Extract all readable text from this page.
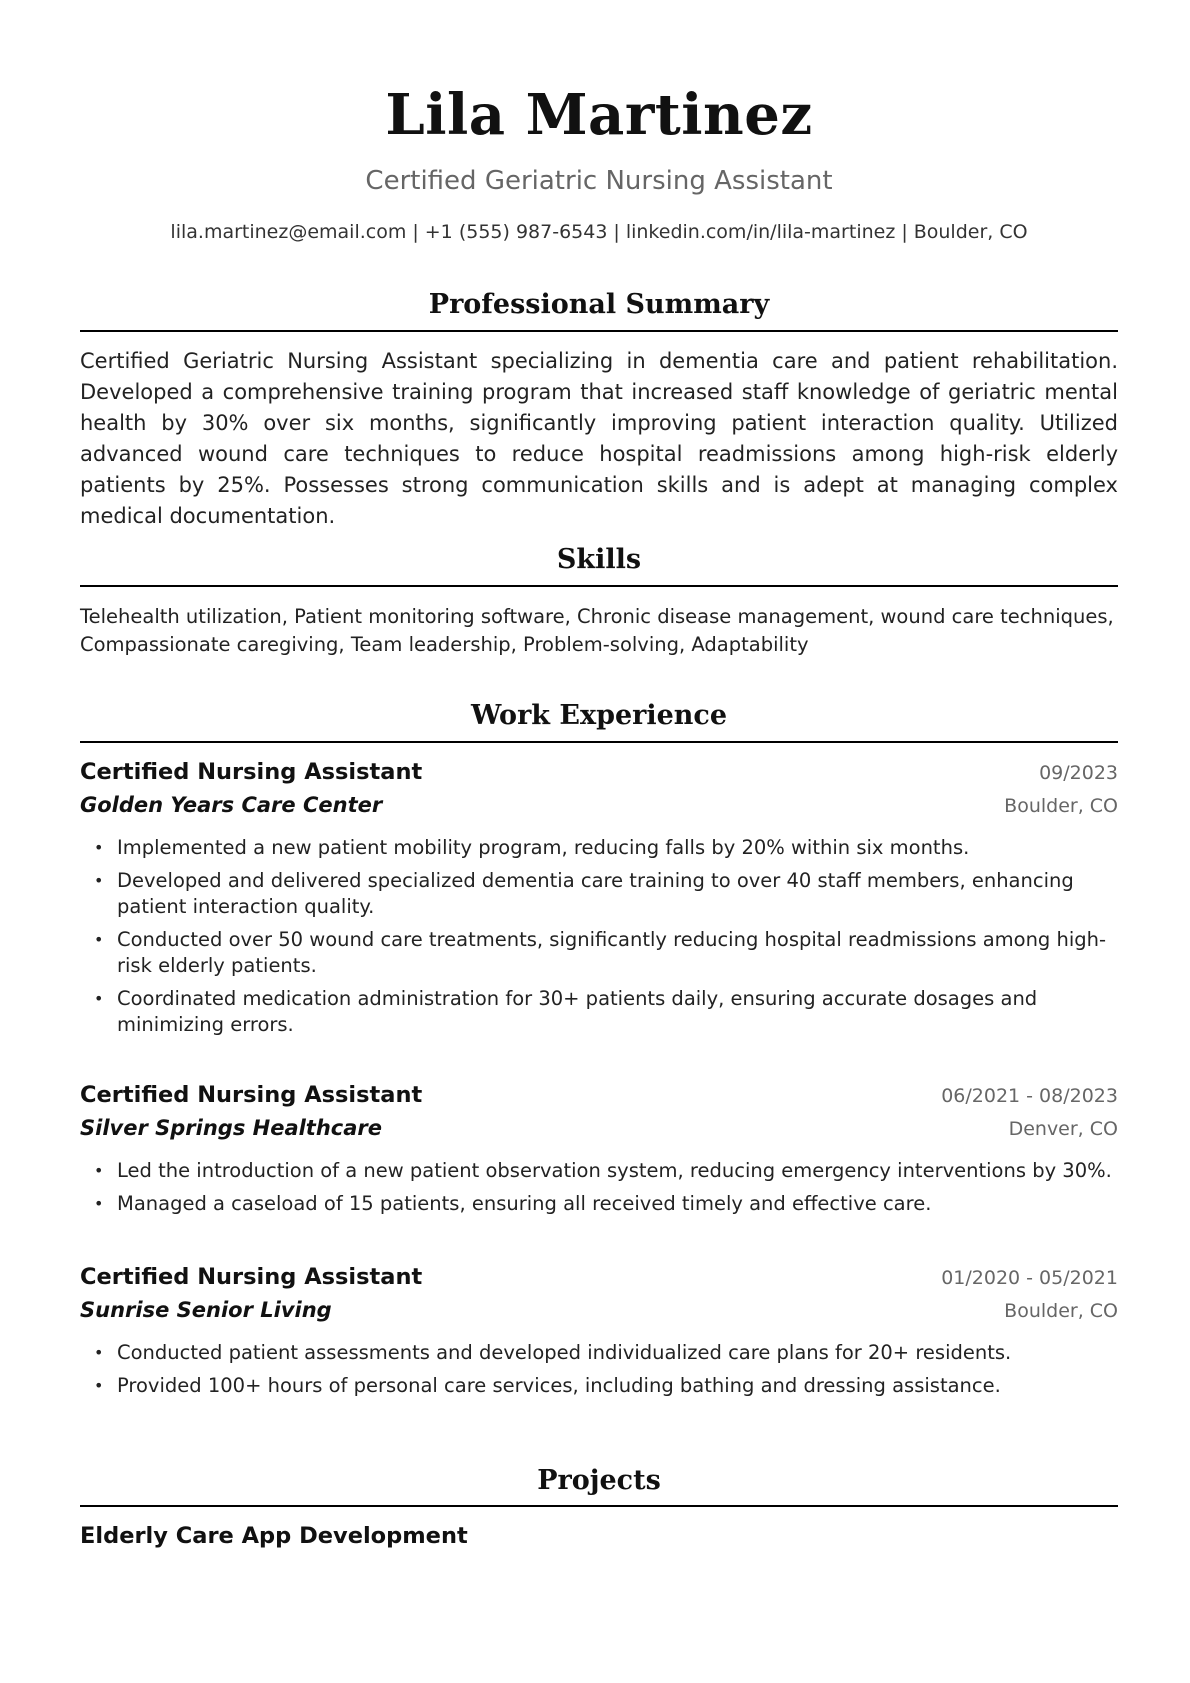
Lila Martinez
Certified Geriatric Nursing Assistant
lila.martinez@email.com | +1 (555) 987-6543 | linkedin.com/in/lila-martinez | Boulder, CO
Professional Summary

Certified Geriatric Nursing Assistant specializing in dementia care and patient rehabilitation. Developed a comprehensive training program that increased staff knowledge of geriatric mental health by 30% over six months, significantly improving patient interaction quality. Utilized advanced wound care techniques to reduce hospital readmissions among high-risk elderly patients by 25%. Possesses strong communication skills and is adept at managing complex medical documentation.

Skills

Telehealth utilization, Patient monitoring software, Chronic disease management, wound care techniques, Compassionate caregiving, Team leadership, Problem-solving, Adaptability

Work Experience
Certified Nursing Assistant	09/2023
Golden Years Care Center	Boulder, CO
• Implemented a new patient mobility program, reducing falls by 20% within six months.
• Developed and delivered specialized dementia care training to over 40 staff members, enhancing patient interaction quality.
• Conducted over 50 wound care treatments, significantly reducing hospital readmissions among high-risk elderly patients.
• Coordinated medication administration for 30+ patients daily, ensuring accurate dosages and minimizing errors.
Certified Nursing Assistant	06/2021 - 08/2023
Silver Springs Healthcare	Denver, CO
• Led the introduction of a new patient observation system, reducing emergency interventions by 30%.
• Managed a caseload of 15 patients, ensuring all received timely and effective care.
Certified Nursing Assistant	01/2020 - 05/2021
Sunrise Senior Living	Boulder, CO
• Conducted patient assessments and developed individualized care plans for 20+ residents.
• Provided 100+ hours of personal care services, including bathing and dressing assistance.
Projects
Elderly Care App Development
